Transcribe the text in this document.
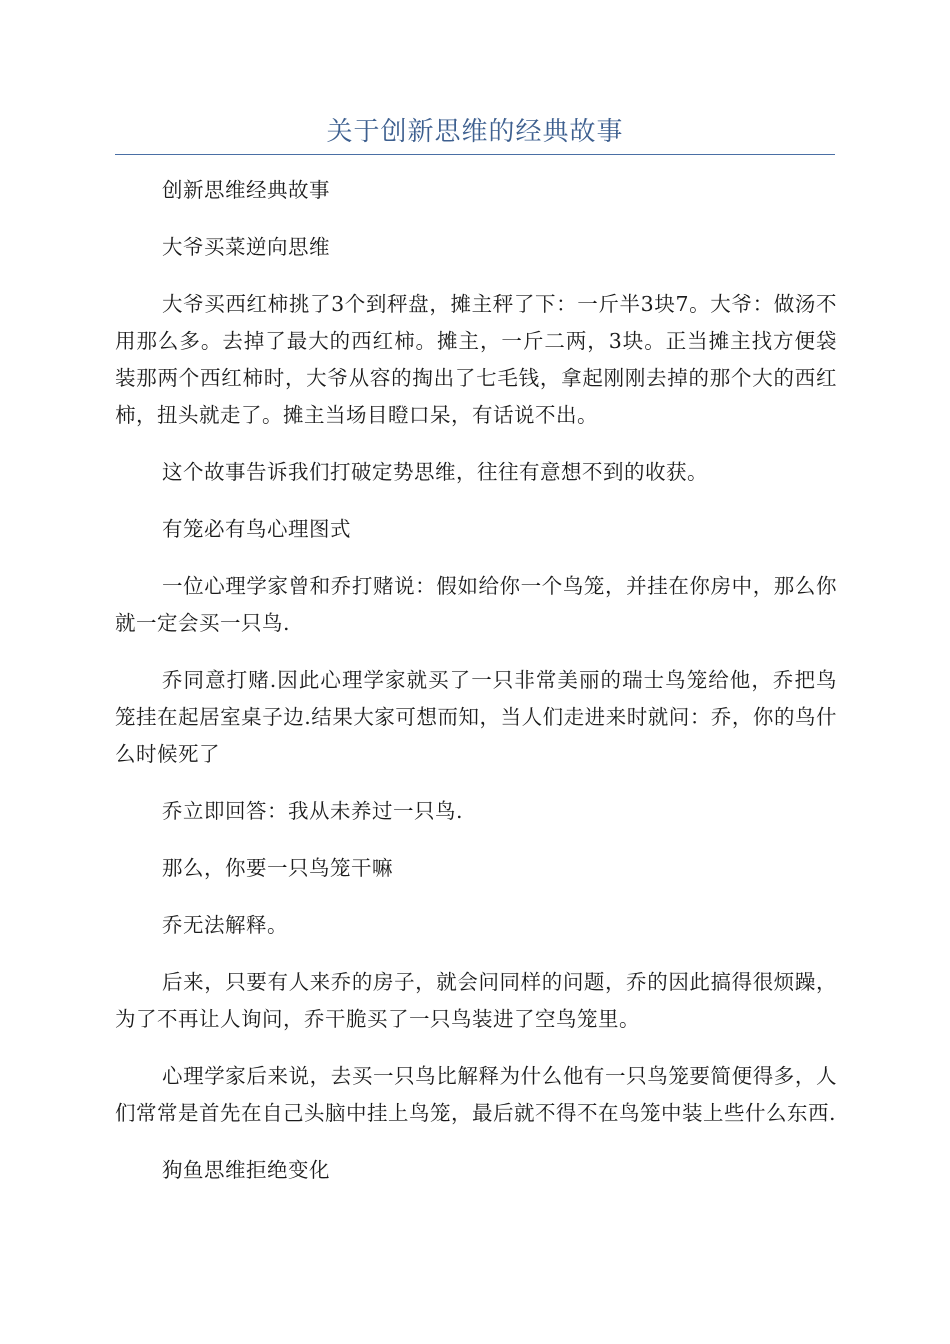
关于创新思维的经典故事

创新思维经典故事

大爷买菜逆向思维

大爷买西红柿挑了3个到秤盘，摊主秤了下：一斤半3块7。大爷：做汤不用那么多。去掉了最大的西红柿。摊主，一斤二两，3块。正当摊主找方便袋装那两个西红柿时，大爷从容的掏出了七毛钱，拿起刚刚去掉的那个大的西红柿，扭头就走了。摊主当场目瞪口呆，有话说不出。

这个故事告诉我们打破定势思维，往往有意想不到的收获。

有笼必有鸟心理图式

一位心理学家曾和乔打赌说：假如给你一个鸟笼，并挂在你房中，那么你就一定会买一只鸟.

乔同意打赌.因此心理学家就买了一只非常美丽的瑞士鸟笼给他，乔把鸟笼挂在起居室桌子边.结果大家可想而知，当人们走进来时就问：乔，你的鸟什么时候死了

乔立即回答：我从未养过一只鸟.

那么，你要一只鸟笼干嘛

乔无法解释。

后来，只要有人来乔的房子，就会问同样的问题，乔的因此搞得很烦躁，为了不再让人询问，乔干脆买了一只鸟装进了空鸟笼里。

心理学家后来说，去买一只鸟比解释为什么他有一只鸟笼要简便得多，人们常常是首先在自己头脑中挂上鸟笼，最后就不得不在鸟笼中装上些什么东西.

狗鱼思维拒绝变化
